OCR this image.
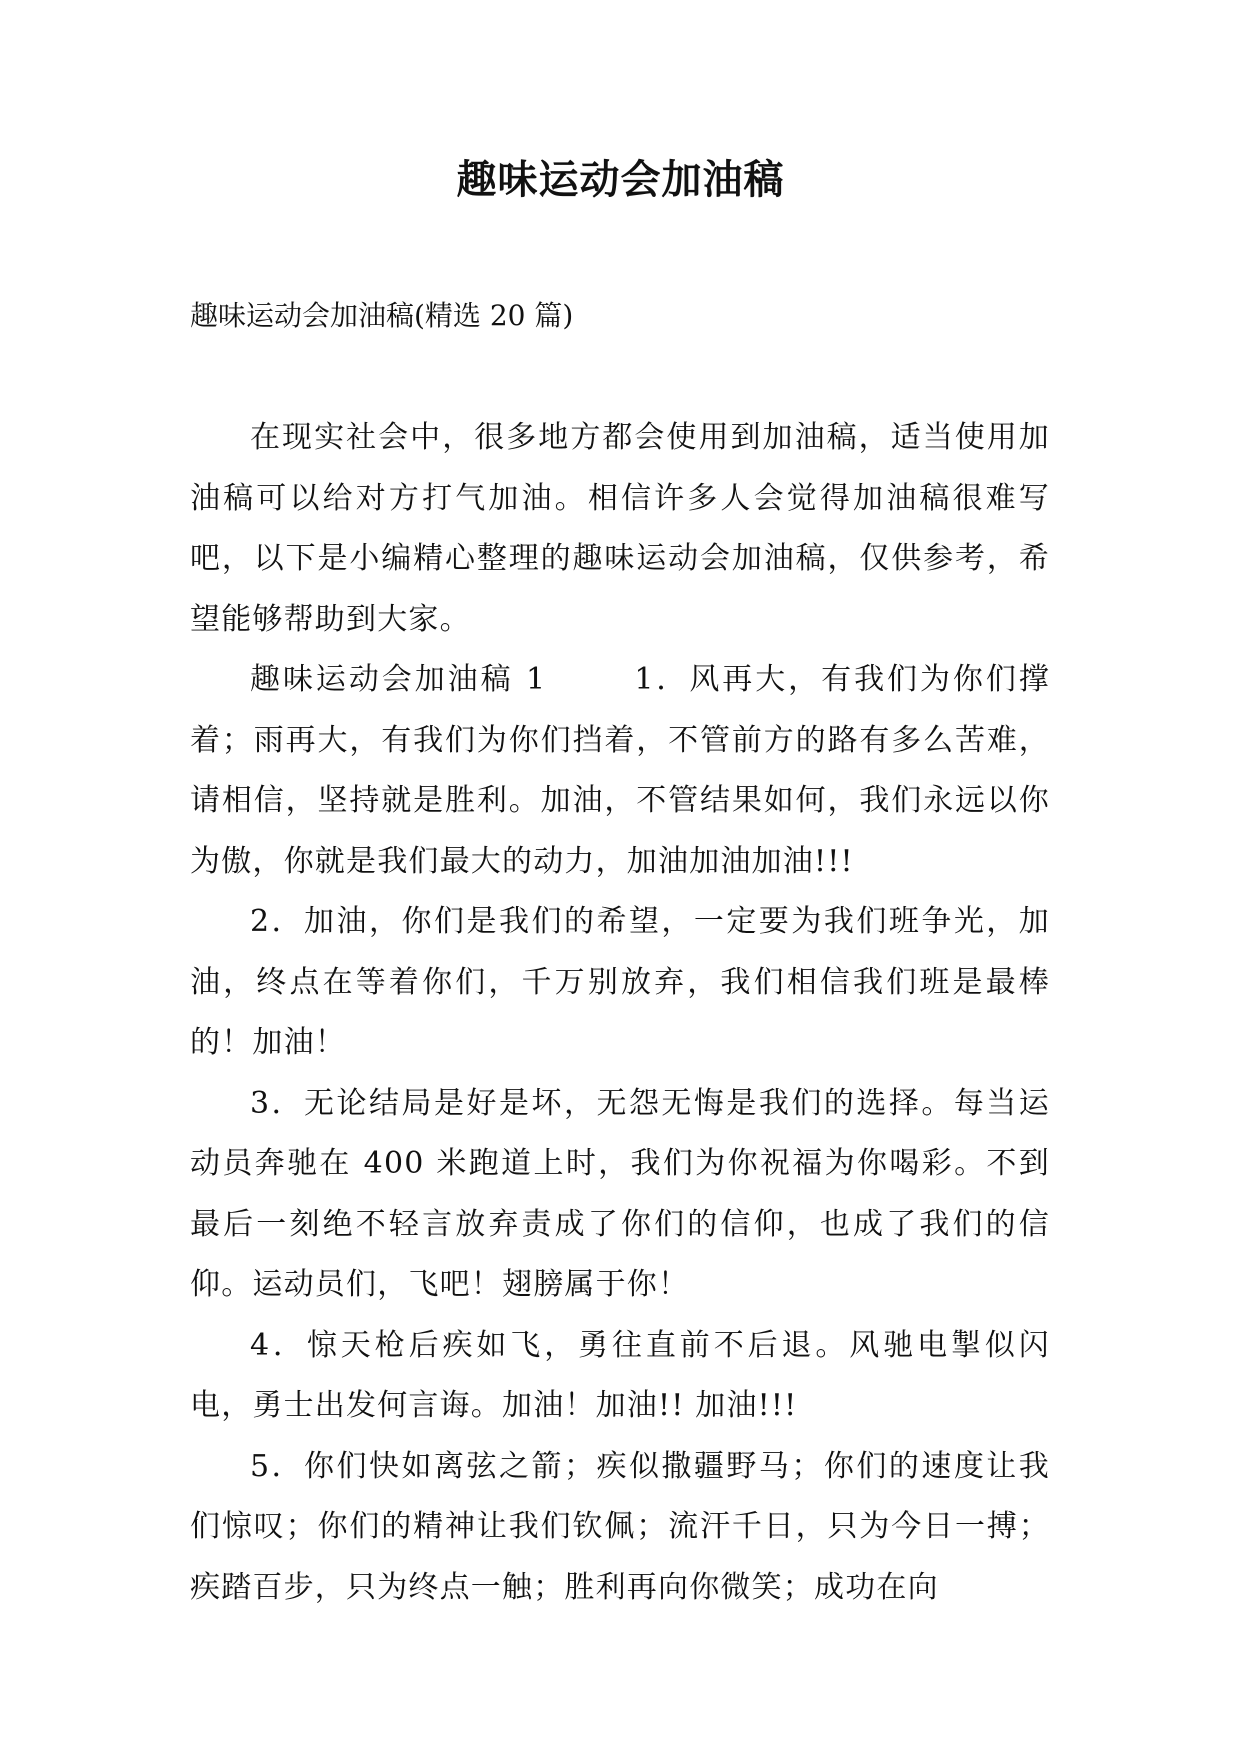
趣味运动会加油稿
趣味运动会加油稿(精选 20 篇)

在现实社会中，很多地方都会使用到加油稿，适当使用加油稿可以给对方打气加油。相信许多人会觉得加油稿很难写吧，以下是小编精心整理的趣味运动会加油稿，仅供参考，希望能够帮助到大家。

趣味运动会加油稿 1	1．风再大，有我们为你们撑着；雨再大，有我们为你们挡着，不管前方的路有多么苦难，请相信，坚持就是胜利。加油，不管结果如何，我们永远以你为傲，你就是我们最大的动力，加油加油加油!!!

2．加油，你们是我们的希望，一定要为我们班争光，加油，终点在等着你们，千万别放弃，我们相信我们班是最棒的！加油！

3．无论结局是好是坏，无怨无悔是我们的选择。每当运动员奔驰在 400 米跑道上时，我们为你祝福为你喝彩。不到最后一刻绝不轻言放弃责成了你们的信仰，也成了我们的信仰。运动员们，飞吧！翅膀属于你！

4．惊天枪后疾如飞，勇往直前不后退。风驰电掣似闪电，勇士出发何言诲。加油！加油!! 加油!!!

5．你们快如离弦之箭；疾似撒疆野马；你们的速度让我们惊叹；你们的精神让我们钦佩；流汗千日，只为今日一搏；疾踏百步，只为终点一触；胜利再向你微笑；成功在向
